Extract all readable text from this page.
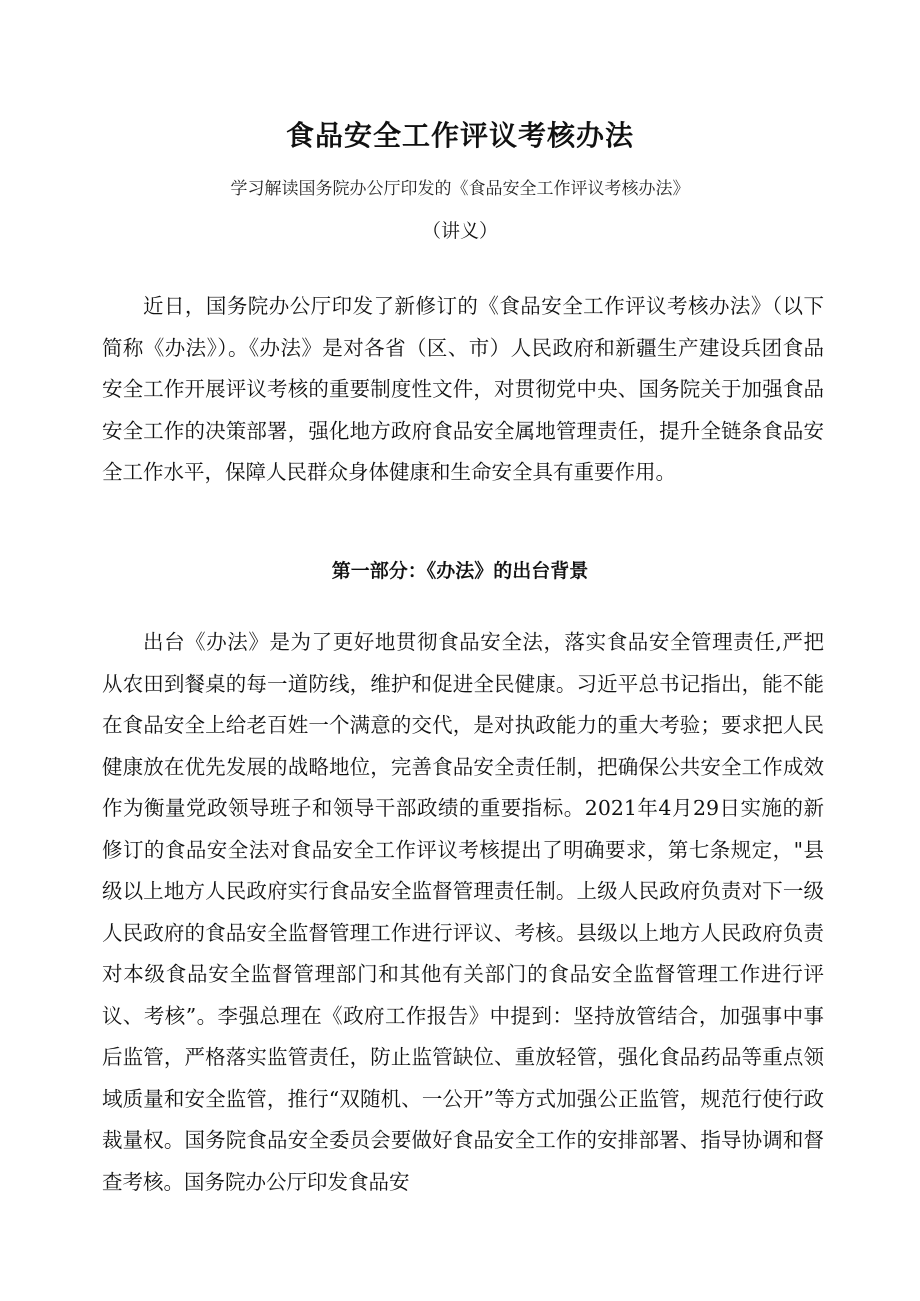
食品安全工作评议考核办法
学习解读国务院办公厅印发的《食品安全工作评议考核办法》
（讲义）

近日，国务院办公厅印发了新修订的《食品安全工作评议考核办法》（以下简称《办法》）。《办法》是对各省（区、市）人民政府和新疆生产建设兵团食品安全工作开展评议考核的重要制度性文件，对贯彻党中央、国务院关于加强食品安全工作的决策部署，强化地方政府食品安全属地管理责任，提升全链条食品安全工作水平，保障人民群众身体健康和生命安全具有重要作用。

第一部分：《办法》的出台背景

出台《办法》是为了更好地贯彻食品安全法，落实食品安全管理责任,严把从农田到餐桌的每一道防线，维护和促进全民健康。习近平总书记指出，能不能在食品安全上给老百姓一个满意的交代，是对执政能力的重大考验；要求把人民健康放在优先发展的战略地位，完善食品安全责任制，把确保公共安全工作成效作为衡量党政领导班子和领导干部政绩的重要指标。2021年4月29日实施的新修订的食品安全法对食品安全工作评议考核提出了明确要求，第七条规定，"县级以上地方人民政府实行食品安全监督管理责任制。上级人民政府负责对下一级人民政府的食品安全监督管理工作进行评议、考核。县级以上地方人民政府负责对本级食品安全监督管理部门和其他有关部门的食品安全监督管理工作进行评议、考核”。李强总理在《政府工作报告》中提到：坚持放管结合，加强事中事后监管，严格落实监管责任，防止监管缺位、重放轻管，强化食品药品等重点领域质量和安全监管，推行“双随机、一公开”等方式加强公正监管，规范行使行政裁量权。国务院食品安全委员会要做好食品安全工作的安排部署、指导协调和督查考核。国务院办公厅印发食品安
